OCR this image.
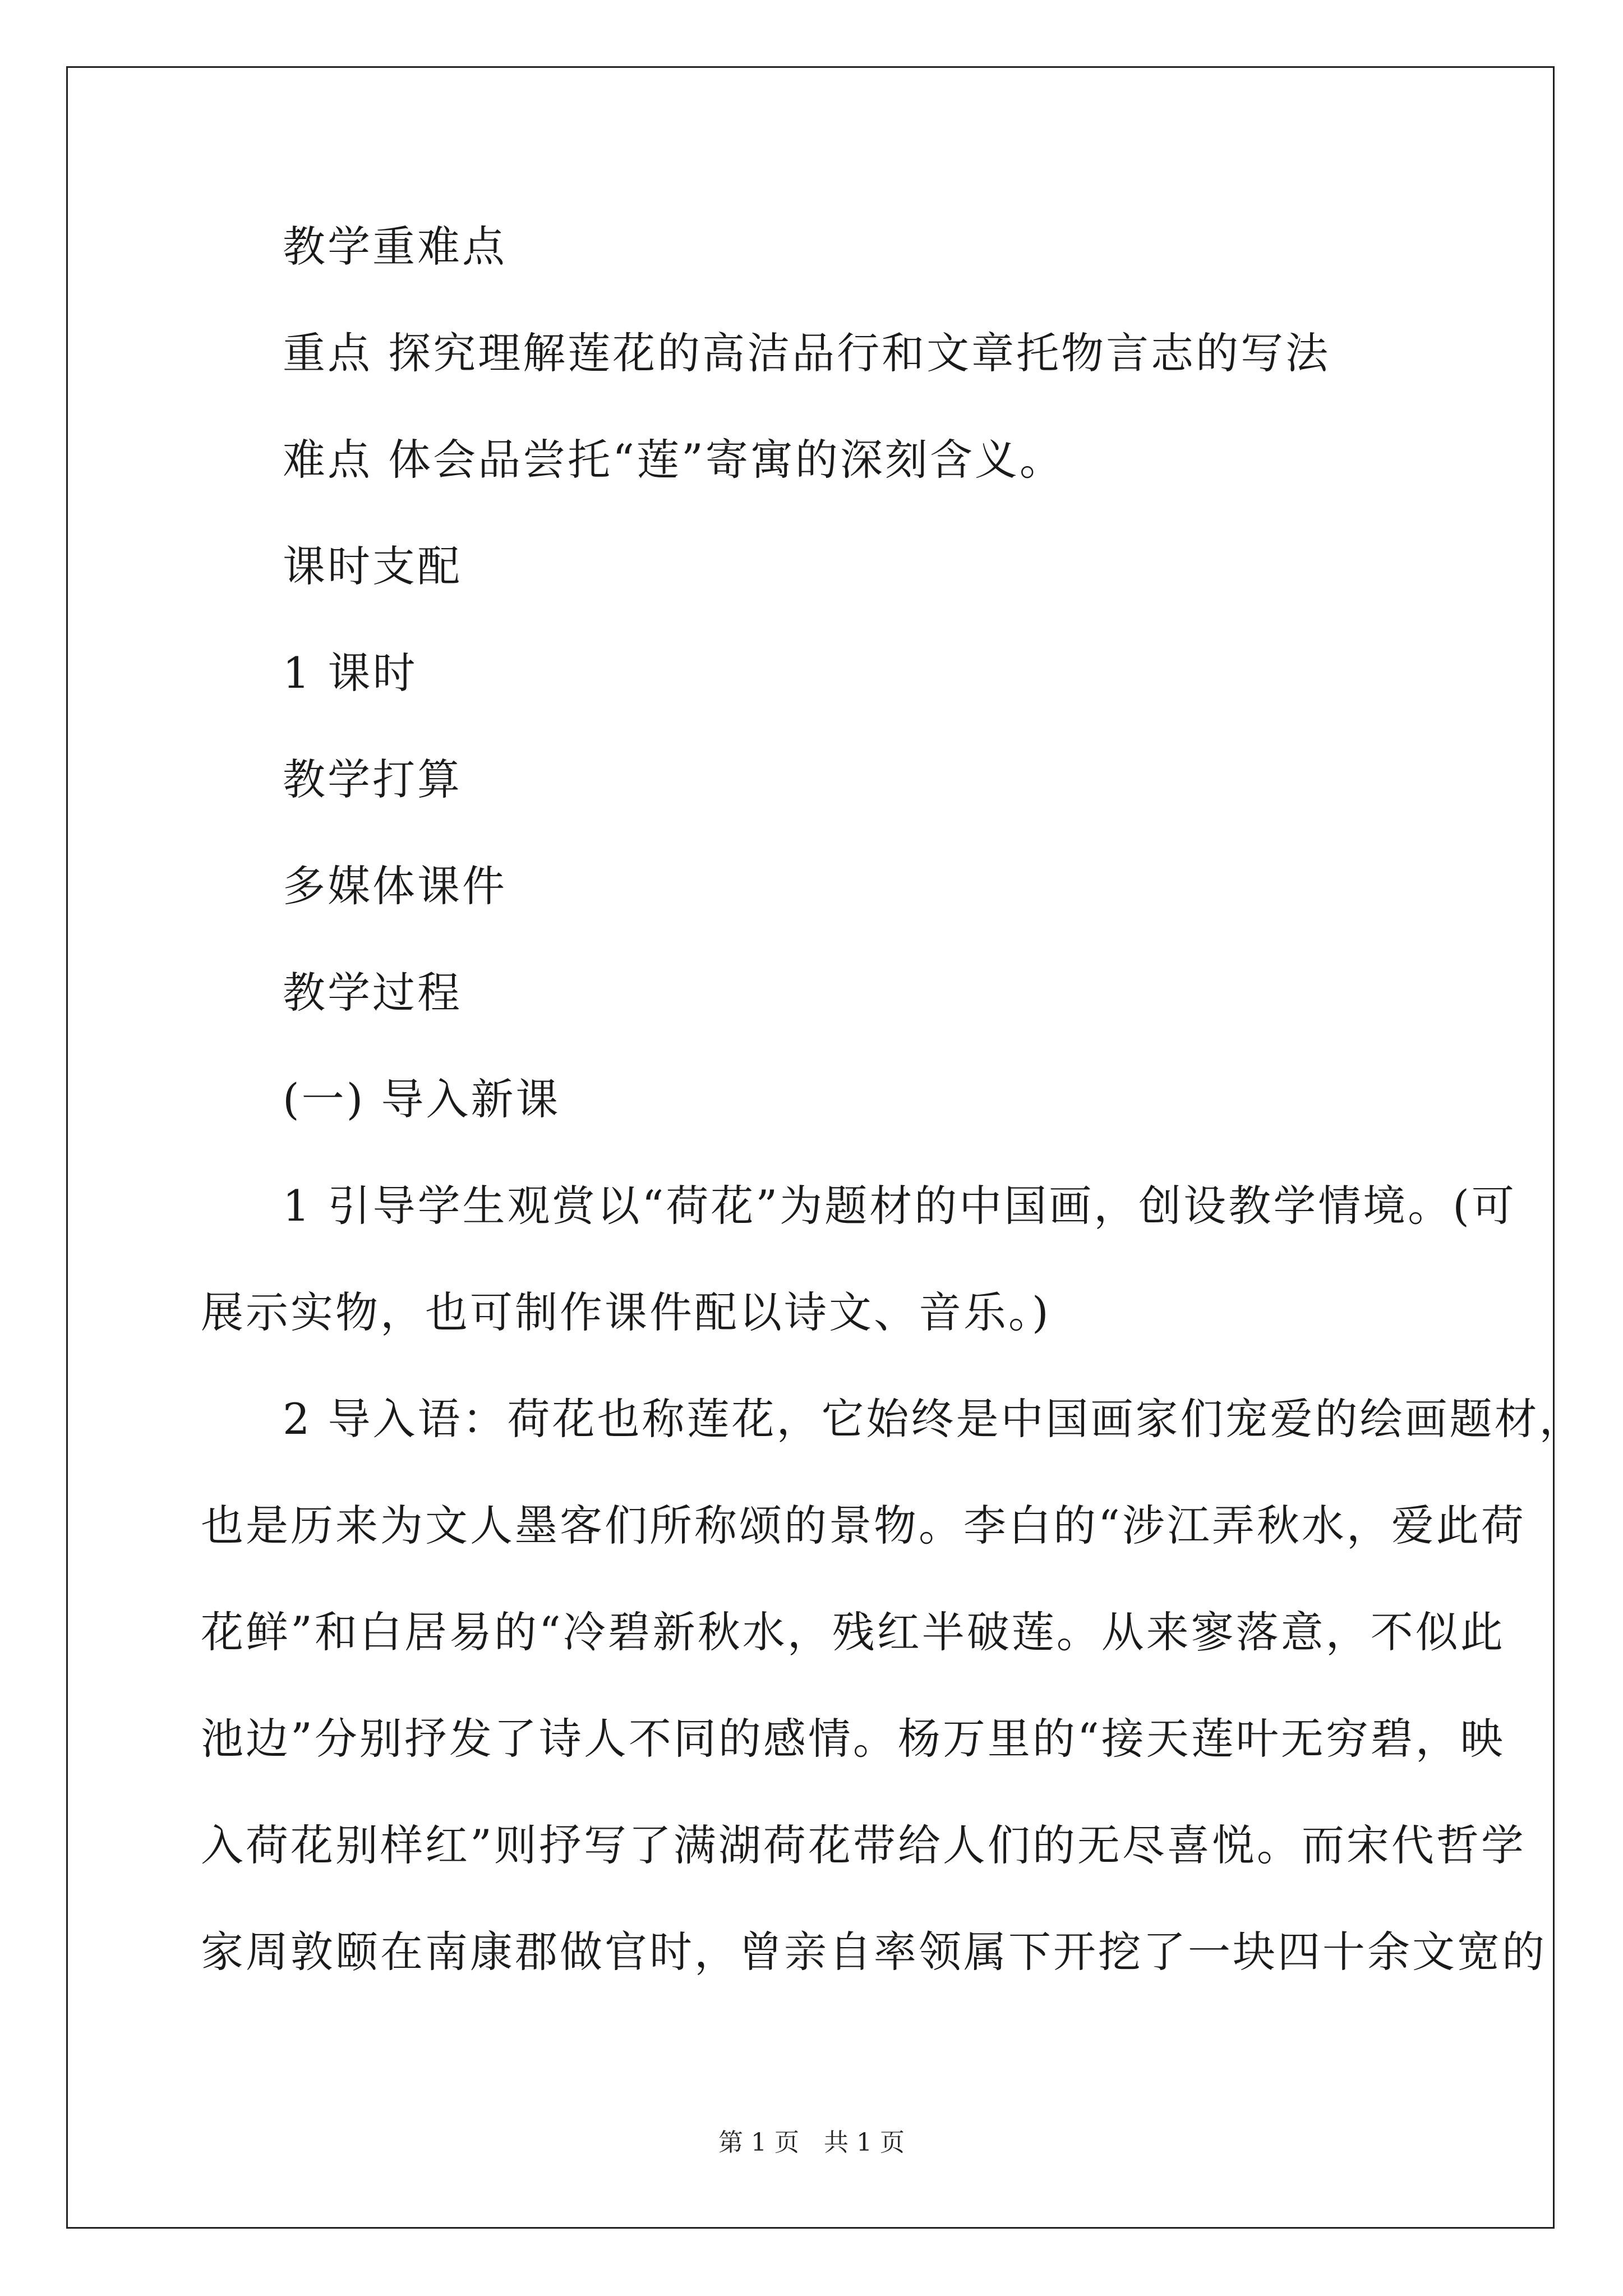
教学重难点
重点 探究理解莲花的高洁品行和文章托物言志的写法
难点 体会品尝托“莲”寄寓的深刻含义。
课时支配
1 课时
教学打算
多媒体课件
教学过程
(一) 导入新课
1 引导学生观赏以“荷花”为题材的中国画，创设教学情境。(可
展示实物，也可制作课件配以诗文、音乐。)
2 导入语：荷花也称莲花，它始终是中国画家们宠爱的绘画题材，
也是历来为文人墨客们所称颂的景物。李白的“涉江弄秋水，爱此荷
花鲜”和白居易的“冷碧新秋水，残红半破莲。从来寥落意，不似此
池边”分别抒发了诗人不同的感情。杨万里的“接天莲叶无穷碧，映
入荷花别样红”则抒写了满湖荷花带给人们的无尽喜悦。而宋代哲学
家周敦颐在南康郡做官时，曾亲自率领属下开挖了一块四十余文宽的
第 1 页　共 1 页
